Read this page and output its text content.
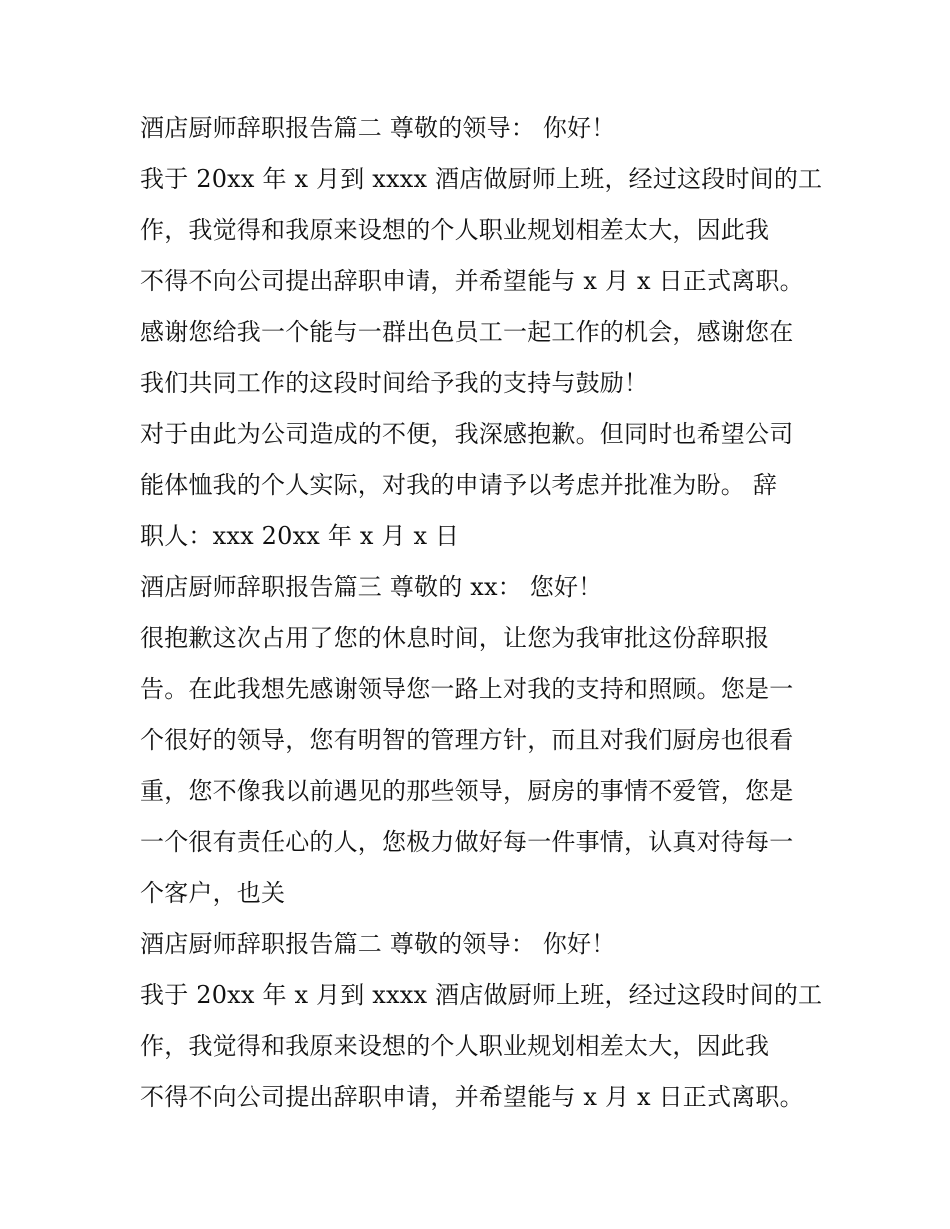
酒店厨师辞职报告篇二 尊敬的领导： 你好！
我于 20xx 年 x 月到 xxxx 酒店做厨师上班，经过这段时间的工
作，我觉得和我原来设想的个人职业规划相差太大，因此我
不得不向公司提出辞职申请，并希望能与 x 月 x 日正式离职。
感谢您给我一个能与一群出色员工一起工作的机会，感谢您在
我们共同工作的这段时间给予我的支持与鼓励！
对于由此为公司造成的不便，我深感抱歉。但同时也希望公司
能体恤我的个人实际，对我的申请予以考虑并批准为盼。 辞
职人：xxx 20xx 年 x 月 x 日
酒店厨师辞职报告篇三 尊敬的 xx： 您好！
很抱歉这次占用了您的休息时间，让您为我审批这份辞职报
告。在此我想先感谢领导您一路上对我的支持和照顾。您是一
个很好的领导，您有明智的管理方针，而且对我们厨房也很看
重，您不像我以前遇见的那些领导，厨房的事情不爱管，您是
一个很有责任心的人，您极力做好每一件事情，认真对待每一
个客户，也关
酒店厨师辞职报告篇二 尊敬的领导： 你好！
我于 20xx 年 x 月到 xxxx 酒店做厨师上班，经过这段时间的工
作，我觉得和我原来设想的个人职业规划相差太大，因此我
不得不向公司提出辞职申请，并希望能与 x 月 x 日正式离职。
